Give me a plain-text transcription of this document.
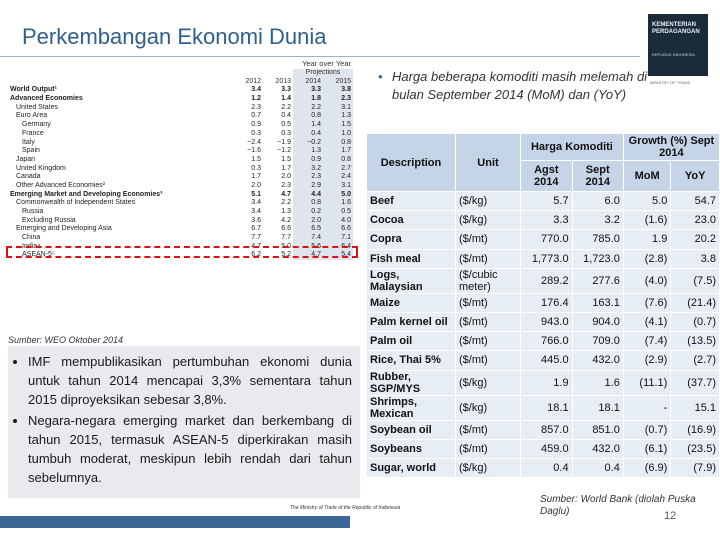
Perkembangan Ekonomi Dunia	KEMENTERIAN
PERDAGANGAN
REPUBLIK INDONESIA
MINISTRY OF TRADE
Year over Year				
			Projections	
	2012	2013	2014	2015
World Output¹	3.4	3.3	3.3	3.8
Advanced Economies	1.2	1.4	1.8	2.3
United States	2.3	2.2	2.2	3.1
Euro Area	0.7	0.4	0.8	1.3
Germany	0.9	0.5	1.4	1.5
France	0.3	0.3	0.4	1.0
Italy	−2.4	−1.9	−0.2	0.8
Spain	−1.6	−1.2	1.3	1.7
Japan	1.5	1.5	0.9	0.8
United Kingdom	0.3	1.7	3.2	2.7
Canada	1.7	2.0	2.3	2.4
Other Advanced Economies²	2.0	2.3	2.9	3.1
Emerging Market and Developing Economies³	5.1	4.7	4.4	5.0
Commonwealth of Independent States	3.4	2.2	0.8	1.6
Russia	3.4	1.3	0.2	0.5
Excluding Russia	3.6	4.2	2.0	4.0
Emerging and Developing Asia	6.7	6.6	6.5	6.6
China	7.7	7.7	7.4	7.1
India⁴	4.7	5.0	5.6	6.4
ASEAN-5⁵	6.2	5.2	4.7	5.4
Sumber: WEO Oktober 2014
• IMF mempublikasikan pertumbuhan ekonomi dunia untuk tahun 2014 mencapai 3,3% sementara tahun 2015 diproyeksikan sebesar 3,8%.
• Negara-negara emerging market dan berkembang di tahun 2015, termasuk ASEAN-5 diperkirakan masih tumbuh moderat, meskipun lebih rendah dari tahun sebelumnya.
The Ministry of Trade of the Republic of Indonesia
• Harga beberapa komoditi masih melemah di bulan September 2014 (MoM) dan (YoY)
Description	Unit	Harga Komoditi		Growth (%) Sept 2014	
		Agst 2014	Sept 2014	MoM	YoY
Beef	($/kg)	5.7	6.0	5.0	54.7
Cocoa	($/kg)	3.3	3.2	(1.6)	23.0
Copra	($/mt)	770.0	785.0	1.9	20.2
Fish meal	($/mt)	1,773.0	1,723.0	(2.8)	3.8
Logs, Malaysian	($/cubic meter)	289.2	277.6	(4.0)	(7.5)
Maize	($/mt)	176.4	163.1	(7.6)	(21.4)
Palm kernel oil	($/mt)	943.0	904.0	(4.1)	(0.7)
Palm oil	($/mt)	766.0	709.0	(7.4)	(13.5)
Rice, Thai 5%	($/mt)	445.0	432.0	(2.9)	(2.7)
Rubber, SGP/MYS	($/kg)	1.9	1.6	(11.1)	(37.7)
Shrimps, Mexican	($/kg)	18.1	18.1	-	15.1
Soybean oil	($/mt)	857.0	851.0	(0.7)	(16.9)
Soybeans	($/mt)	459.0	432.0	(6.1)	(23.5)
Sugar, world	($/kg)	0.4	0.4	(6.9)	(7.9)
Sumber: World Bank (diolah Puska Daglu)	12
